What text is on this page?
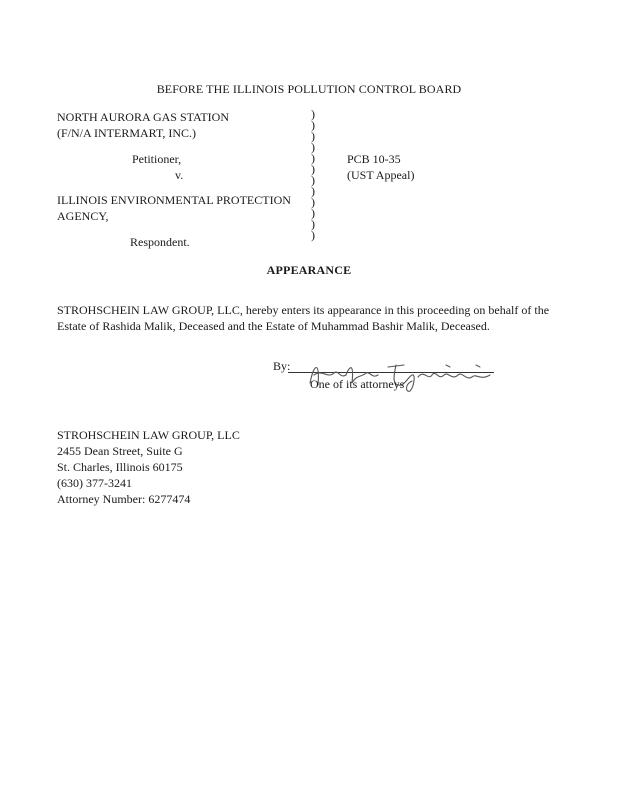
BEFORE THE ILLINOIS POLLUTION CONTROL BOARD
NORTH AURORA GAS STATION
(F/N/A INTERMART, INC.)
Petitioner,
v.
ILLINOIS ENVIRONMENTAL PROTECTION
AGENCY,
Respondent.
)
)
)
)
)
)
)
)
)
)
)
)
PCB 10-35
(UST Appeal)
APPEARANCE
STROHSCHEIN LAW GROUP, LLC, hereby enters its appearance in this proceeding on behalf of the Estate of Rashida Malik, Deceased and the Estate of Muhammad Bashir Malik, Deceased.
By:
One of its attorneys
STROHSCHEIN LAW GROUP, LLC
2455 Dean Street, Suite G
St. Charles, Illinois 60175
(630) 377-3241
Attorney Number: 6277474
